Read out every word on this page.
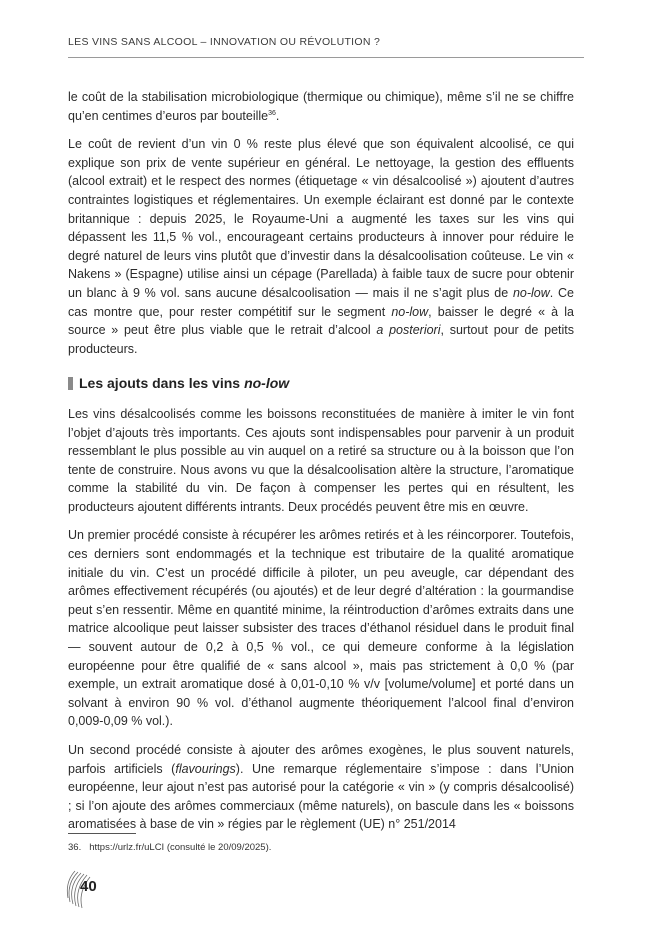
LES VINS SANS ALCOOL – INNOVATION OU RÉVOLUTION ?

le coût de la stabilisation microbiologique (thermique ou chimique), même s’il ne se chiffre qu’en centimes d’euros par bouteille$^{36}$.

Le coût de revient d’un vin 0 % reste plus élevé que son équivalent alcoolisé, ce qui explique son prix de vente supérieur en général. Le nettoyage, la gestion des effluents (alcool extrait) et le respect des normes (étiquetage « vin désalcoolisé ») ajoutent d’autres contraintes logistiques et réglementaires. Un exemple éclairant est donné par le contexte britannique : depuis 2025, le Royaume-Uni a augmenté les taxes sur les vins qui dépassent les 11,5 % vol., encourageant certains producteurs à innover pour réduire le degré naturel de leurs vins plutôt que d’investir dans la désalcoolisation coûteuse. Le vin « Nakens » (Espagne) utilise ainsi un cépage (Parellada) à faible taux de sucre pour obtenir un blanc à 9 % vol. sans aucune désalcoolisation — mais il ne s’agit plus de no-low. Ce cas montre que, pour rester compétitif sur le segment no-low, baisser le degré « à la source » peut être plus viable que le retrait d’alcool a posteriori, surtout pour de petits producteurs.

Les ajouts dans les vins no-low

Les vins désalcoolisés comme les boissons reconstituées de manière à imiter le vin font l’objet d’ajouts très importants. Ces ajouts sont indispensables pour parvenir à un produit ressemblant le plus possible au vin auquel on a retiré sa structure ou à la boisson que l’on tente de construire. Nous avons vu que la désalcoolisation altère la structure, l’aromatique comme la stabilité du vin. De façon à compenser les pertes qui en résultent, les producteurs ajoutent différents intrants. Deux procédés peuvent être mis en œuvre.

Un premier procédé consiste à récupérer les arômes retirés et à les réincorporer. Toutefois, ces derniers sont endommagés et la technique est tributaire de la qualité aromatique initiale du vin. C’est un procédé difficile à piloter, un peu aveugle, car dépendant des arômes effectivement récupérés (ou ajoutés) et de leur degré d’altération : la gourmandise peut s’en ressentir. Même en quantité minime, la réintroduction d’arômes extraits dans une matrice alcoolique peut laisser subsister des traces d’éthanol résiduel dans le produit final — souvent autour de 0,2 à 0,5 % vol., ce qui demeure conforme à la législation européenne pour être qualifié de « sans alcool », mais pas strictement à 0,0 % (par exemple, un extrait aromatique dosé à 0,01-0,10 % v/v [volume/volume] et porté dans un solvant à environ 90 % vol. d’éthanol augmente théoriquement l’alcool final d’environ 0,009-0,09 % vol.).

Un second procédé consiste à ajouter des arômes exogènes, le plus souvent naturels, parfois artificiels (flavourings). Une remarque réglementaire s’impose : dans l’Union européenne, leur ajout n’est pas autorisé pour la catégorie « vin » (y compris désalcoolisé) ; si l’on ajoute des arômes commerciaux (même naturels), on bascule dans les « boissons aromatisées à base de vin » régies par le règlement (UE) n° 251/2014

36. https://urlz.fr/uLCI (consulté le 20/09/2025).
40
